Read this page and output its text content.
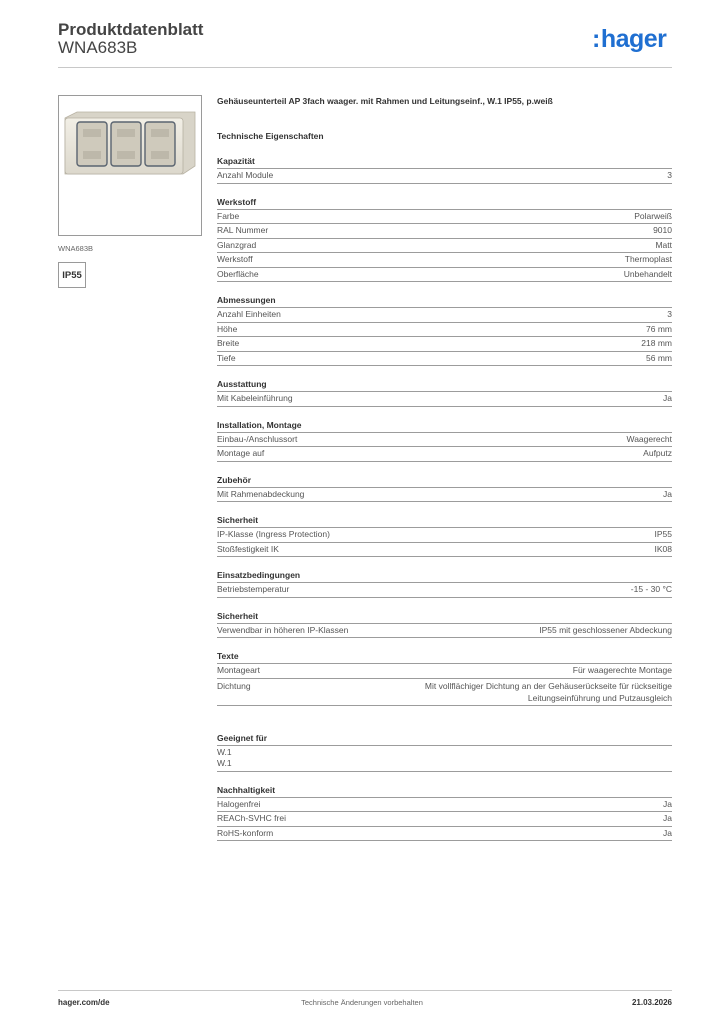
Produktdatenblatt
WNA683B	:hager
WNA683B
IP55
Gehäuseunterteil AP 3fach waager. mit Rahmen und Leitungseinf., W.1 IP55, p.weiß
Technische Eigenschaften
Kapazität
Anzahl Module	3
Werkstoff
Farbe	Polarweiß
RAL Nummer	9010
Glanzgrad	Matt
Werkstoff	Thermoplast
Oberfläche	Unbehandelt
Abmessungen
Anzahl Einheiten	3
Höhe	76 mm
Breite	218 mm
Tiefe	56 mm
Ausstattung
Mit Kabeleinführung	Ja
Installation, Montage
Einbau-/Anschlussort	Waagerecht
Montage auf	Aufputz
Zubehör
Mit Rahmenabdeckung	Ja
Sicherheit
IP-Klasse (Ingress Protection)	IP55
Stoßfestigkeit IK	IK08
Einsatzbedingungen
Betriebstemperatur	-15 - 30 °C
Sicherheit
Verwendbar in höheren IP-Klassen	IP55 mit geschlossener Abdeckung
Texte
Montageart	Für waagerechte Montage
Dichtung	Mit vollflächiger Dichtung an der Gehäuserückseite für rückseitige Leitungseinführung und Putzausgleich
Geeignet für
W.1
W.1
Nachhaltigkeit
Halogenfrei	Ja
REACh-SVHC frei	Ja
RoHS-konform	Ja
hager.com/de	Technische Änderungen vorbehalten	21.03.2026
